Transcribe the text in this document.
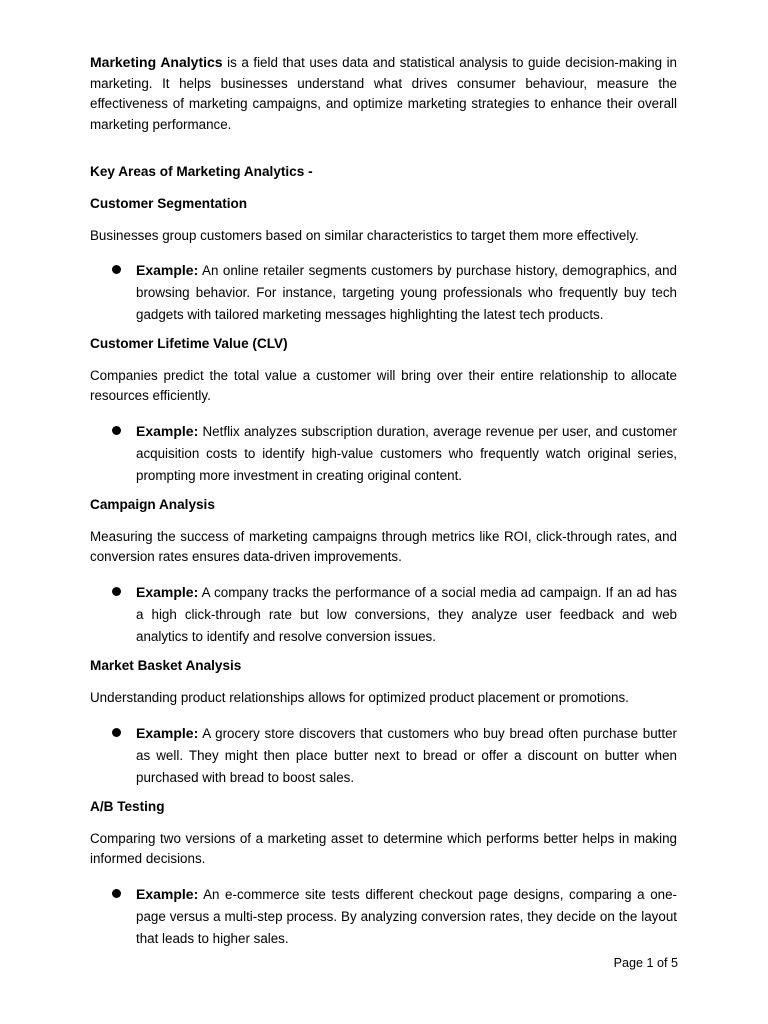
Marketing Analytics is a field that uses data and statistical analysis to guide decision-making in marketing. It helps businesses understand what drives consumer behaviour, measure the effectiveness of marketing campaigns, and optimize marketing strategies to enhance their overall marketing performance.

Key Areas of Marketing Analytics -

Customer Segmentation

Businesses group customers based on similar characteristics to target them more effectively.

Example: An online retailer segments customers by purchase history, demographics, and browsing behavior. For instance, targeting young professionals who frequently buy tech gadgets with tailored marketing messages highlighting the latest tech products.

Customer Lifetime Value (CLV)

Companies predict the total value a customer will bring over their entire relationship to allocate resources efficiently.

Example: Netflix analyzes subscription duration, average revenue per user, and customer acquisition costs to identify high-value customers who frequently watch original series, prompting more investment in creating original content.

Campaign Analysis

Measuring the success of marketing campaigns through metrics like ROI, click-through rates, and conversion rates ensures data-driven improvements.

Example: A company tracks the performance of a social media ad campaign. If an ad has a high click-through rate but low conversions, they analyze user feedback and web analytics to identify and resolve conversion issues.

Market Basket Analysis

Understanding product relationships allows for optimized product placement or promotions.

Example: A grocery store discovers that customers who buy bread often purchase butter as well. They might then place butter next to bread or offer a discount on butter when purchased with bread to boost sales.

A/B Testing

Comparing two versions of a marketing asset to determine which performs better helps in making informed decisions.

Example: An e-commerce site tests different checkout page designs, comparing a one-page versus a multi-step process. By analyzing conversion rates, they decide on the layout that leads to higher sales.

Page 1 of 5
